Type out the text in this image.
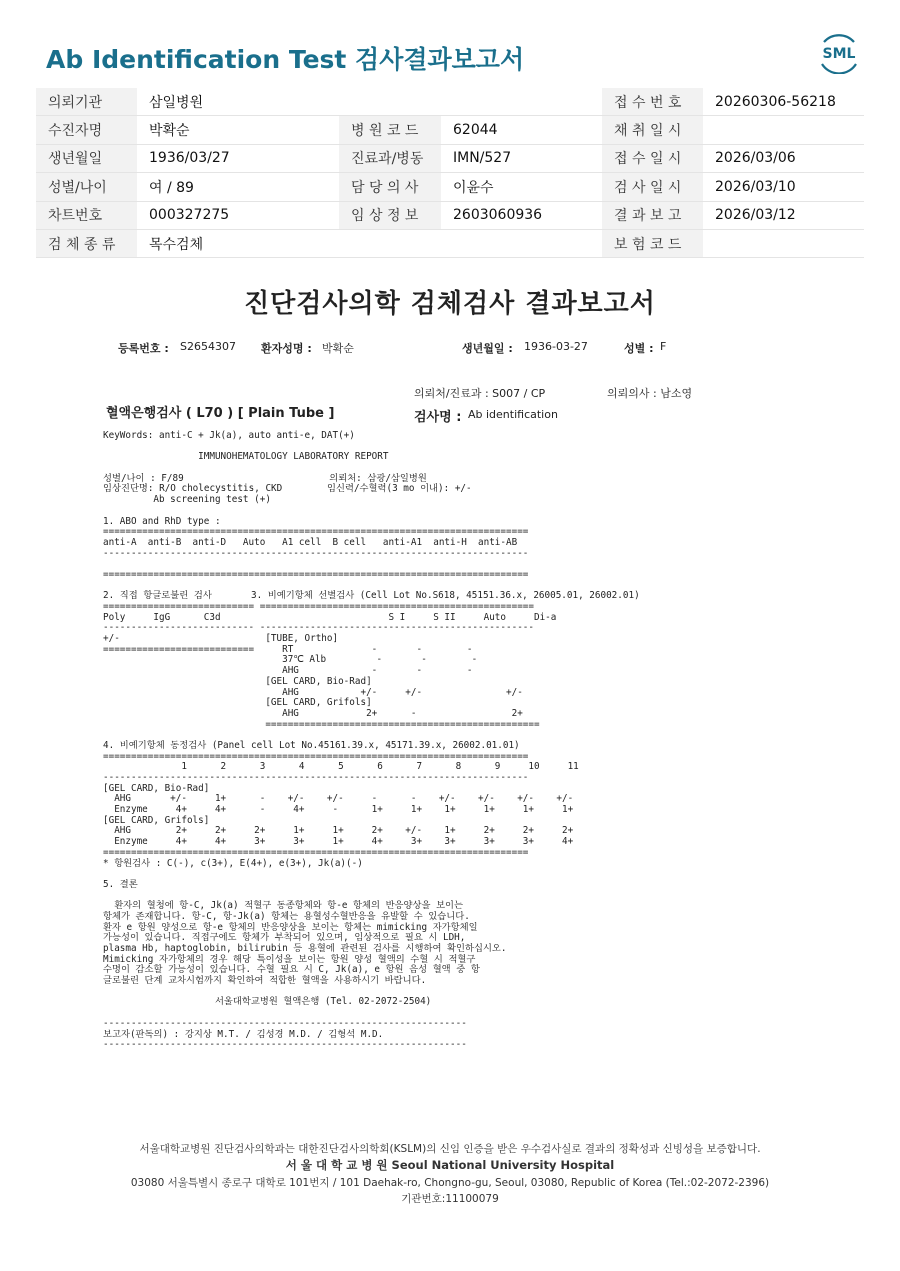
Ab Identification Test 검사결과보고서	SML
의뢰기관	삼일병원			접 수 번 호	20260306-56218
수진자명	박확순	병 원 코 드	62044	채 취 일 시	
생년월일	1936/03/27	진료과/병동	IMN/527	접 수 일 시	2026/03/06
성별/나이	여 / 89	담 당 의 사	이윤수	검 사 일 시	2026/03/10
차트번호	000327275	임 상 정 보	2603060936	결 과 보 고	2026/03/12
검 체 종 류	목수검체			보 험 코 드	
진단검사의학 검체검사 결과보고서
등록번호 : S2654307 환자성명 : 박확순	생년월일 : 1936-03-27	성별 : F
의뢰처/진료과 : S007 / CP	의뢰의사 : 남소영
혈액은행검사 ( L70 ) [ Plain Tube ]	검사명 : Ab identification
KeyWords: anti-C + Jk(a), auto anti-e, DAT(+)
IMMUNOHEMATOLOGY LABORATORY REPORT
성별/나이 : F/89                          의뢰처: 삼광/삼일병원
임상진단명: R/O cholecystitis, CKD        임신력/수혈력(3 mo 이내): +/-
Ab screening test (+)
1. ABO and RhD type :
============================================================================
anti-A  anti-B  anti-D   Auto   A1 cell  B cell   anti-A1  anti-H  anti-AB
----------------------------------------------------------------------------
============================================================================
2. 직접 항글로불린 검사       3. 비예기항체 선별검사 (Cell Lot No.S618, 45151.36.x, 26005.01, 26002.01)
=========================== =================================================
Poly     IgG      C3d                              S I     S II     Auto     Di-a
--------------------------- -------------------------------------------------
+/-                          [TUBE, Ortho]
===========================     RT              -       -        -
37℃ Alb         -       -        -
AHG             -       -        -
[GEL CARD, Bio-Rad]
AHG           +/-     +/-               +/-
[GEL CARD, Grifols]
AHG            2+      -                 2+
=================================================
4. 비예기항체 동정검사 (Panel cell Lot No.45161.39.x, 45171.39.x, 26002.01.01)
============================================================================
1      2      3      4      5      6      7      8      9     10     11
----------------------------------------------------------------------------
[GEL CARD, Bio-Rad]
AHG       +/-     1+      -    +/-    +/-     -      -    +/-    +/-    +/-    +/-
Enzyme     4+     4+      -     4+     -      1+     1+    1+     1+     1+     1+
[GEL CARD, Grifols]
AHG        2+     2+     2+     1+     1+     2+    +/-    1+     2+     2+     2+
Enzyme     4+     4+     3+     3+     1+     4+     3+    3+     3+     3+     4+
============================================================================
* 항원검사 : C(-), c(3+), E(4+), e(3+), Jk(a)(-)
5. 결론
환자의 혈청에 항-C, Jk(a) 적혈구 동종항체와 항-e 항체의 반응양상을 보이는
항체가 존재합니다. 항-C, 항-Jk(a) 항체는 용혈성수혈반응을 유발할 수 있습니다.
환자 e 항원 양성으로 항-e 항체의 반응양상을 보이는 항체는 mimicking 자가항체일
가능성이 있습니다. 직접구에도 항체가 부착되어 있으며, 임상적으로 필요 시 LDH,
plasma Hb, haptoglobin, bilirubin 등 용혈에 관련된 검사를 시행하여 확인하십시오.
Mimicking 자가항체의 경우 해당 특이성을 보이는 항원 양성 혈액의 수혈 시 적혈구
수명이 감소할 가능성이 있습니다. 수혈 필요 시 C, Jk(a), e 항원 음성 혈액 중 항
글로불린 단계 교차시험까지 확인하여 적합한 혈액을 사용하시기 바랍니다.
서울대학교병원 혈액은행 (Tel. 02-2072-2504)
-----------------------------------------------------------------
보고자(판독의) : 강지상 M.T. / 김성경 M.D. / 김형석 M.D.
-----------------------------------------------------------------
서울대학교병원 진단검사의학과는 대한진단검사의학회(KSLM)의 신임 인증을 받은 우수검사실로 결과의 정확성과 신빙성을 보증합니다.
서 울 대 학 교 병 원 Seoul National University Hospital
03080 서울특별시 종로구 대학로 101번지 / 101 Daehak-ro, Chongno-gu, Seoul, 03080, Republic of Korea (Tel.:02-2072-2396)
기관번호:11100079
